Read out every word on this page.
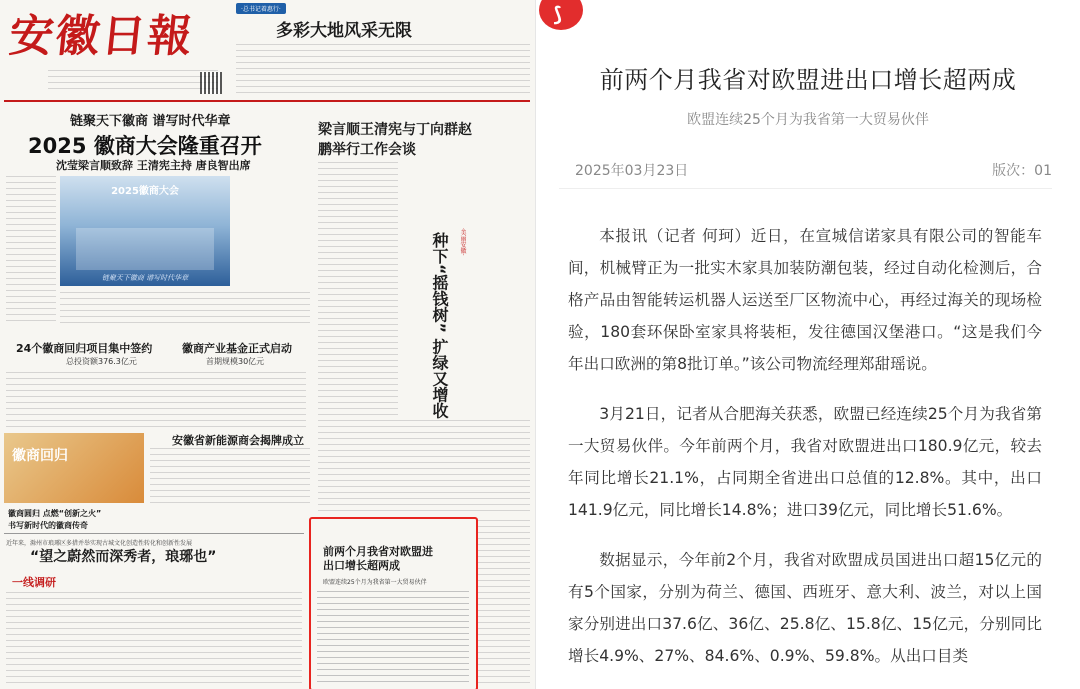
安徽日報
·总书记着惠行·
多彩大地风采无限
链聚天下徽商 谱写时代华章
2025 徽商大会隆重召开
沈莹梁言顺致辞 王清宪主持 唐良智出席
2025徽商大会
链聚天下徽商 谱写时代华章
梁言顺王清宪与丁向群赵鹏举行工作会谈
·美丽安徽·
种下“摇钱树” 扩绿又增收
24个徽商回归项目集中签约
总投资额376.3亿元
徽商产业基金正式启动
首期规模30亿元
安徽省新能源商会揭牌成立
徽商回归
徽商圆归 点燃“创新之火”
书写新时代的徽商传奇
近年来，滁州市琅琊区多措并举实现古城文化创造性转化和创新性发展
“望之蔚然而深秀者，琅琊也”
一线调研
前两个月我省对欧盟进出口增长超两成
欧盟连续25个月为我省第一大贸易伙伴
⟆
前两个月我省对欧盟进出口增长超两成
欧盟连续25个月为我省第一大贸易伙伴
2025年03月23日	版次：01

本报讯（记者 何珂）近日，在宣城信诺家具有限公司的智能车间，机械臂正为一批实木家具加装防潮包装，经过自动化检测后，合格产品由智能转运机器人运送至厂区物流中心，再经过海关的现场检验，180套环保卧室家具将装柜，发往德国汉堡港口。“这是我们今年出口欧洲的第8批订单。”该公司物流经理郑甜瑶说。

3月21日，记者从合肥海关获悉，欧盟已经连续25个月为我省第一大贸易伙伴。今年前两个月，我省对欧盟进出口180.9亿元，较去年同比增长21.1%，占同期全省进出口总值的12.8%。其中，出口141.9亿元，同比增长14.8%；进口39亿元，同比增长51.6%。

数据显示，今年前2个月，我省对欧盟成员国进出口超15亿元的有5个国家，分别为荷兰、德国、西班牙、意大利、波兰，对以上国家分别进出口37.6亿、36亿、25.8亿、15.8亿、15亿元，分别同比增长4.9%、27%、84.6%、0.9%、59.8%。从出口目类
